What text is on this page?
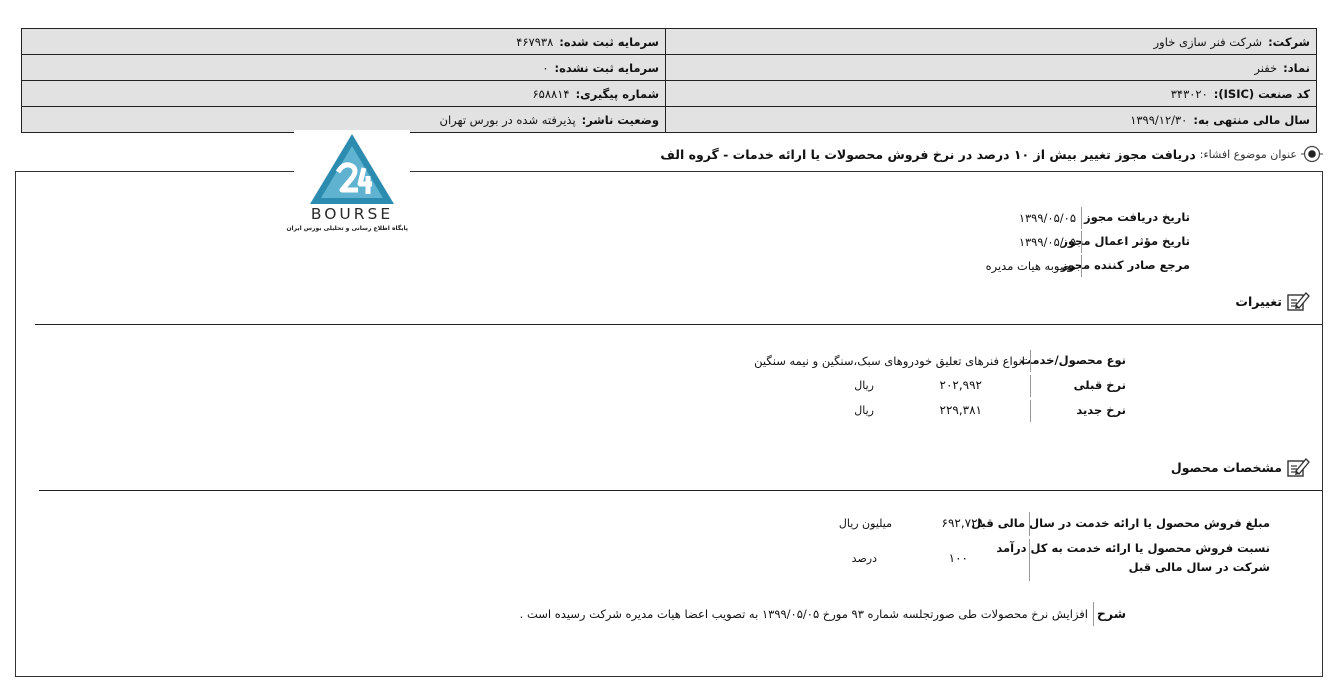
شرکت:شرکت فنر سازی خاور
سرمایه ثبت شده:۴۶۷۹۳۸
نماد:خفنر
سرمایه ثبت نشده:۰
کد صنعت (ISIC):۳۴۳۰۲۰
شماره پیگیری:۶۵۸۸۱۴
سال مالی منتهی به:۱۳۹۹/۱۲/۳۰
وضعیت ناشر:پذیرفته شده در بورس تهران
عنوان موضوع افشاء:
دریافت مجوز تغییر بیش از ۱۰ درصد در نرخ فروش محصولات یا ارائه خدمات - گروه الف
تاریخ دریافت مجوز
۱۳۹۹/۰۵/۰۵
تاریخ مؤثر اعمال مجوز
۱۳۹۹/۰۵/۰۵
مرجع صادر کننده مجوز
مصوبه هیات مدیره
تغییرات
نوع محصول/خدمت
انواع فنرهای تعلیق خودروهای سبک،سنگین و نیمه سنگین
نرخ قبلی
۲۰۲,۹۹۲
ریال
نرخ جدید
۲۲۹,۳۸۱
ریال
مشخصات محصول
مبلغ فروش محصول یا ارائه خدمت در سال مالی قبل
۶۹۲,۷۲۸
میلیون ریال
نسبت فروش محصول یا ارائه خدمت به کل درآمد
شرکت در سال مالی قبل
۱۰۰
درصد
شرح
افزایش نرخ محصولات طی صورتجلسه شماره ۹۳ مورخ ۱۳۹۹/۰۵/۰۵ به تصویب اعضا هیات مدیره شرکت رسیده است .
BOURSE
پایگاه اطلاع رسانی و تحلیلی بورس ایران
